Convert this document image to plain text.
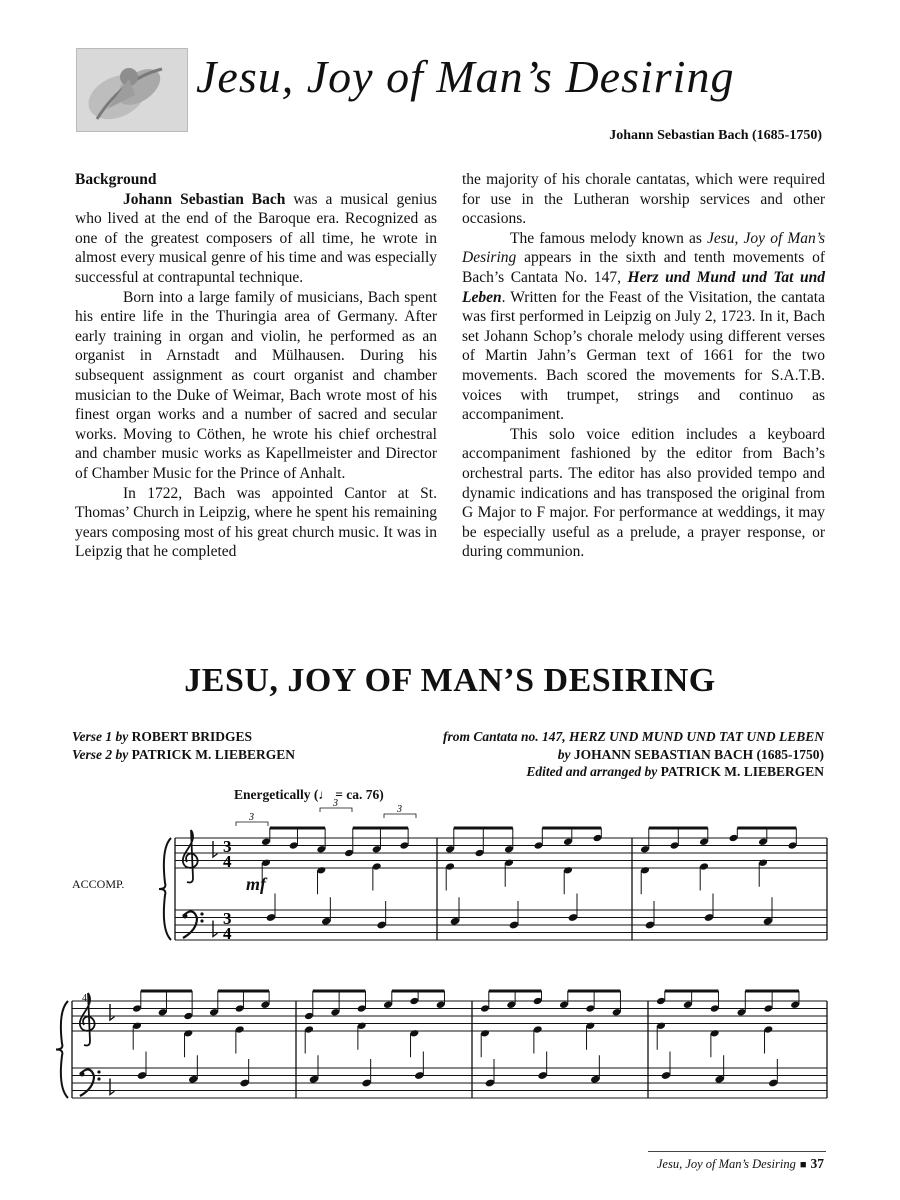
Jesu, Joy of Man’s Desiring
Johann Sebastian Bach (1685-1750)
Background

Johann Sebastian Bach was a musical genius who lived at the end of the Baroque era. Recognized as one of the greatest composers of all time, he wrote in almost every musical genre of his time and was especially successful at contrapuntal technique.

Born into a large family of musicians, Bach spent his entire life in the Thuringia area of Germany. After early training in organ and violin, he performed as an organist in Arnstadt and Mülhausen. During his subsequent assignment as court organist and chamber musician to the Duke of Weimar, Bach wrote most of his finest organ works and a number of sacred and secular works. Moving to Cöthen, he wrote his chief orchestral and chamber music works as Kapellmeister and Director of Chamber Music for the Prince of Anhalt.

In 1722, Bach was appointed Cantor at St. Thomas’ Church in Leipzig, where he spent his remaining years composing most of his great church music. It was in Leipzig that he completed

the majority of his chorale cantatas, which were required for use in the Lutheran worship services and other occasions.

The famous melody known as Jesu, Joy of Man’s Desiring appears in the sixth and tenth movements of Bach’s Cantata No. 147, Herz und Mund und Tat und Leben. Written for the Feast of the Visitation, the cantata was first performed in Leipzig on July 2, 1723. In it, Bach set Johann Schop’s chorale melody using different verses of Martin Jahn’s German text of 1661 for the two movements. Bach scored the movements for S.A.T.B. voices with trumpet, strings and continuo as accompaniment.

This solo voice edition includes a keyboard accompaniment fashioned by the editor from Bach’s orchestral parts. The editor has also provided tempo and dynamic indications and has transposed the original from G Major to F major. For performance at weddings, it may be especially useful as a prelude, a prayer response, or during communion.

JESU, JOY OF MAN’S DESIRING
Verse 1 by ROBERT BRIDGES
Verse 2 by PATRICK M. LIEBERGEN
from Cantata no. 147, HERZ UND MUND UND TAT UND LEBEN
by JOHANN SEBASTIAN BACH (1685-1750)
Edited and arranged by PATRICK M. LIEBERGEN
Energetically (♩ = ca. 76)
ACCOMP.	mf
4
3
4
3
4
3
3
3
Jesu, Joy of Man’s Desiring ■ 37
